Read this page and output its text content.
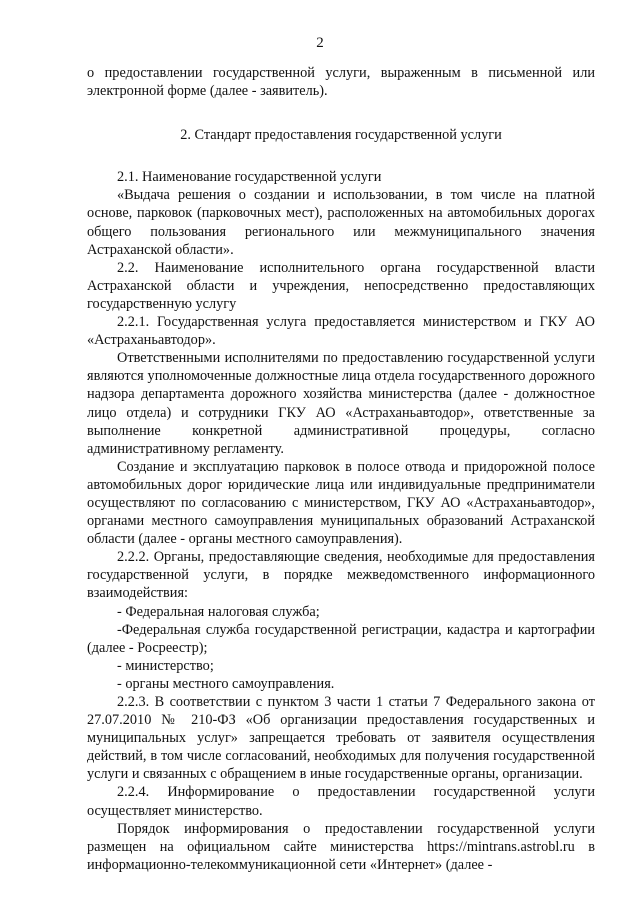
2

о предоставлении государственной услуги, выраженным в письменной или электронной форме (далее - заявитель).

2. Стандарт предоставления государственной услуги

2.1. Наименование государственной услуги

«Выдача решения о создании и использовании, в том числе на платной основе, парковок (парковочных мест), расположенных на автомобильных дорогах общего пользования регионального или межмуниципального значения Астраханской области».

2.2. Наименование исполнительного органа государственной власти Астраханской области и учреждения, непосредственно предоставляющих государственную услугу

2.2.1. Государственная услуга предоставляется министерством и ГКУ АО «Астраханьавтодор».

Ответственными исполнителями по предоставлению государственной услуги являются уполномоченные должностные лица отдела государственного дорожного надзора департамента дорожного хозяйства министерства (далее - должностное лицо отдела) и сотрудники ГКУ АО «Астраханьавтодор», ответственные за выполнение конкретной административной процедуры, согласно административному регламенту.

Создание и эксплуатацию парковок в полосе отвода и придорожной полосе автомобильных дорог юридические лица или индивидуальные предприниматели осуществляют по согласованию с министерством, ГКУ АО «Астраханьавтодор», органами местного самоуправления муниципальных образований Астраханской области (далее - органы местного самоуправления).

2.2.2. Органы, предоставляющие сведения, необходимые для предоставления государственной услуги, в порядке межведомственного информационного взаимодействия:

- Федеральная налоговая служба;

-Федеральная служба государственной регистрации, кадастра и картографии (далее - Росреестр);

- министерство;

- органы местного самоуправления.

2.2.3. В соответствии с пунктом 3 части 1 статьи 7 Федерального закона от 27.07.2010 № 210-ФЗ «Об организации предоставления государственных и муниципальных услуг» запрещается требовать от заявителя осуществления действий, в том числе согласований, необходимых для получения государственной услуги и связанных с обращением в иные государственные органы, организации.

2.2.4. Информирование о предоставлении государственной услуги осуществляет министерство.

Порядок информирования о предоставлении государственной услуги размещен на официальном сайте министерства https://mintrans.astrobl.ru в информационно-телекоммуникационной сети «Интернет» (далее -
